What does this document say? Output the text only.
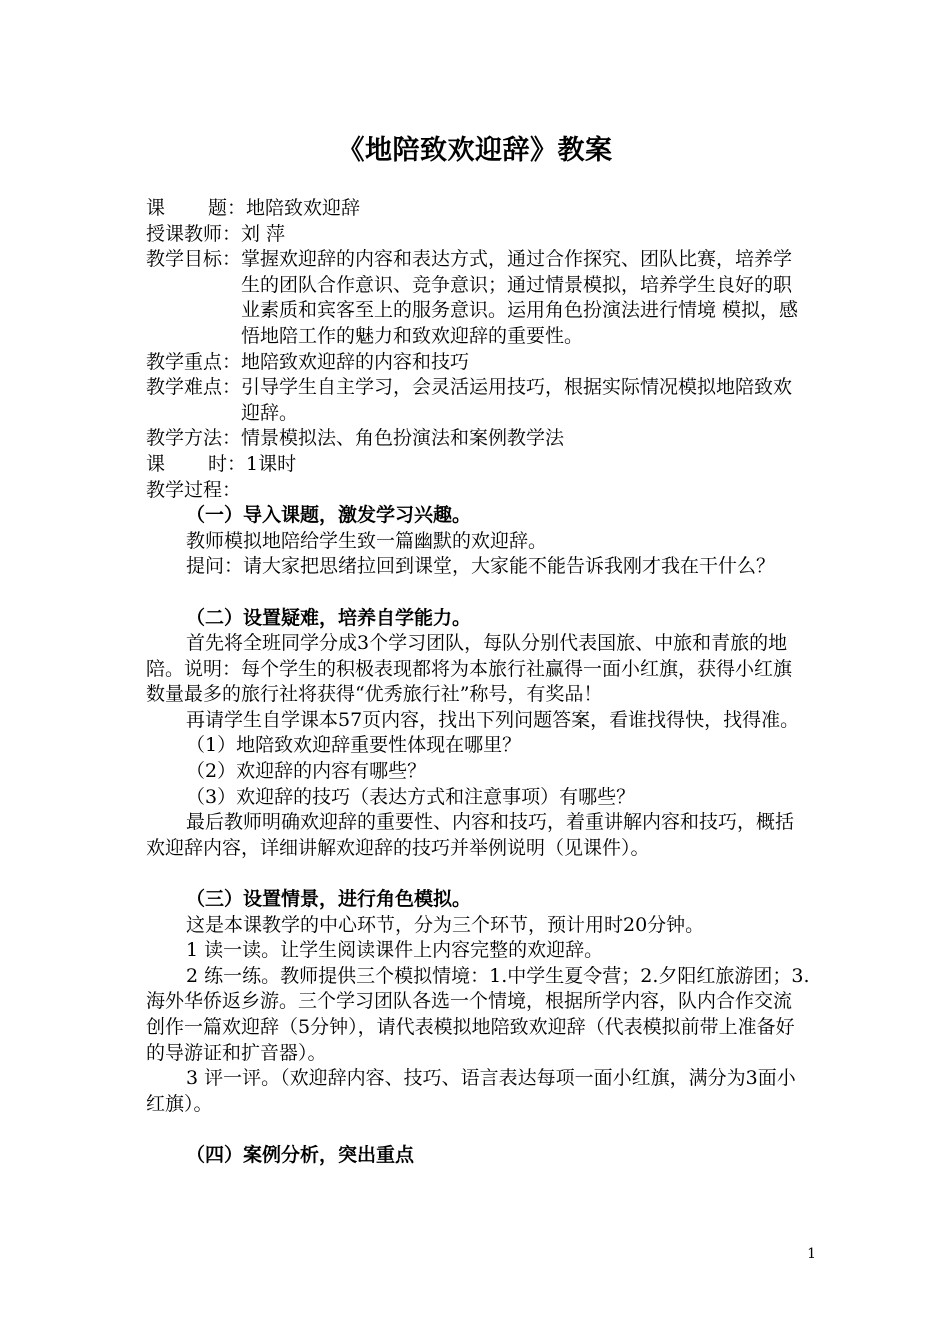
《地陪致欢迎辞》教案
课 题： 地陪致欢迎辞
授课教师： 刘 萍
教学目标： 掌握欢迎辞的内容和表达方式，通过合作探究、团队比赛，培养学生的团队合作意识、竞争意识；通过情景模拟，培养学生良好的职业素质和宾客至上的服务意识。运用角色扮演法进行情境 模拟，感悟地陪工作的魅力和致欢迎辞的重要性。
教学重点： 地陪致欢迎辞的内容和技巧
教学难点： 引导学生自主学习，会灵活运用技巧，根据实际情况模拟地陪致欢迎辞。
教学方法： 情景模拟法、角色扮演法和案例教学法
课 时： 1课时

教学过程：

（一）导入课题，激发学习兴趣。

教师模拟地陪给学生致一篇幽默的欢迎辞。

提问：请大家把思绪拉回到课堂，大家能不能告诉我刚才我在干什么？

（二）设置疑难，培养自学能力。

首先将全班同学分成3个学习团队，每队分别代表国旅、中旅和青旅的地陪。说明：每个学生的积极表现都将为本旅行社赢得一面小红旗，获得小红旗数量最多的旅行社将获得“优秀旅行社”称号，有奖品！

再请学生自学课本57页内容，找出下列问题答案，看谁找得快，找得准。

（1）地陪致欢迎辞重要性体现在哪里？

（2）欢迎辞的内容有哪些？

（3）欢迎辞的技巧（表达方式和注意事项）有哪些？

最后教师明确欢迎辞的重要性、内容和技巧，着重讲解内容和技巧，概括欢迎辞内容，详细讲解欢迎辞的技巧并举例说明（见课件）。

（三）设置情景，进行角色模拟。

这是本课教学的中心环节，分为三个环节，预计用时20分钟。

1 读一读。让学生阅读课件上内容完整的欢迎辞。

2 练一练。教师提供三个模拟情境：1.中学生夏令营；2.夕阳红旅游团；3.海外华侨返乡游。三个学习团队各选一个情境，根据所学内容，队内合作交流创作一篇欢迎辞（5分钟），请代表模拟地陪致欢迎辞（代表模拟前带上准备好的导游证和扩音器）。

3 评一评。（欢迎辞内容、技巧、语言表达每项一面小红旗，满分为3面小红旗）。

（四）案例分析，突出重点

1
